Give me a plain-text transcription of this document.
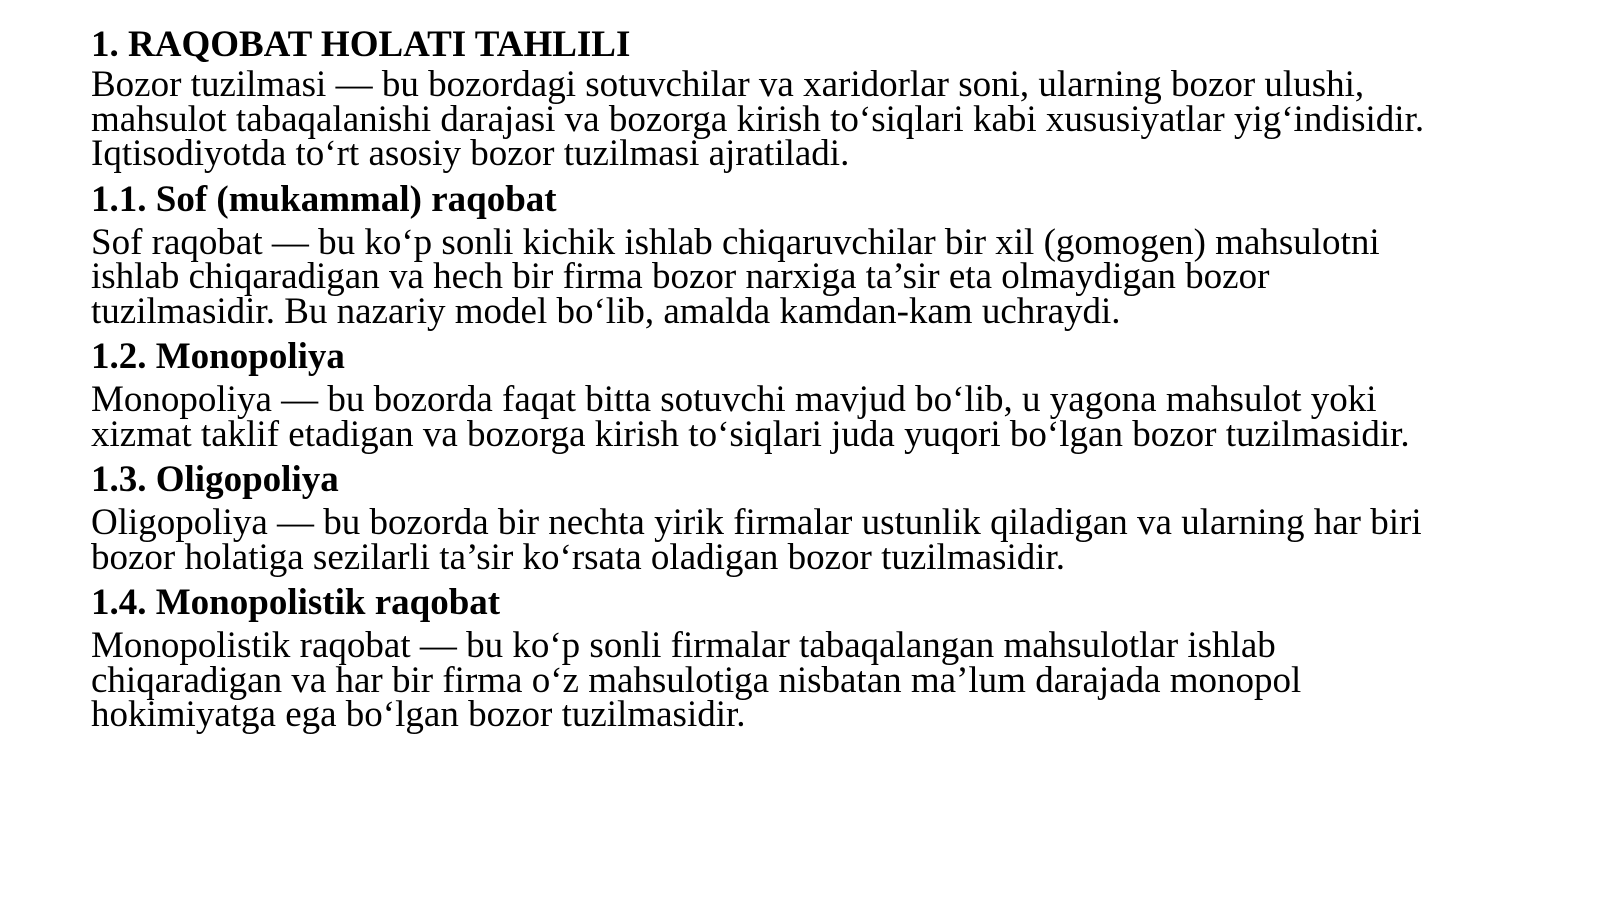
1. RAQOBAT HOLATI TAHLILI
Bozor tuzilmasi — bu bozordagi sotuvchilar va xaridorlar soni, ularning bozor ulushi,
mahsulot tabaqalanishi darajasi va bozorga kirish to‘siqlari kabi xususiyatlar yig‘indisidir.
Iqtisodiyotda to‘rt asosiy bozor tuzilmasi ajratiladi.
1.1. Sof (mukammal) raqobat
Sof raqobat — bu ko‘p sonli kichik ishlab chiqaruvchilar bir xil (gomogen) mahsulotni
ishlab chiqaradigan va hech bir firma bozor narxiga ta’sir eta olmaydigan bozor
tuzilmasidir. Bu nazariy model bo‘lib, amalda kamdan-kam uchraydi.
1.2. Monopoliya
Monopoliya — bu bozorda faqat bitta sotuvchi mavjud bo‘lib, u yagona mahsulot yoki
xizmat taklif etadigan va bozorga kirish to‘siqlari juda yuqori bo‘lgan bozor tuzilmasidir.
1.3. Oligopoliya
Oligopoliya — bu bozorda bir nechta yirik firmalar ustunlik qiladigan va ularning har biri
bozor holatiga sezilarli ta’sir ko‘rsata oladigan bozor tuzilmasidir.
1.4. Monopolistik raqobat
Monopolistik raqobat — bu ko‘p sonli firmalar tabaqalangan mahsulotlar ishlab
chiqaradigan va har bir firma o‘z mahsulotiga nisbatan ma’lum darajada monopol
hokimiyatga ega bo‘lgan bozor tuzilmasidir.
